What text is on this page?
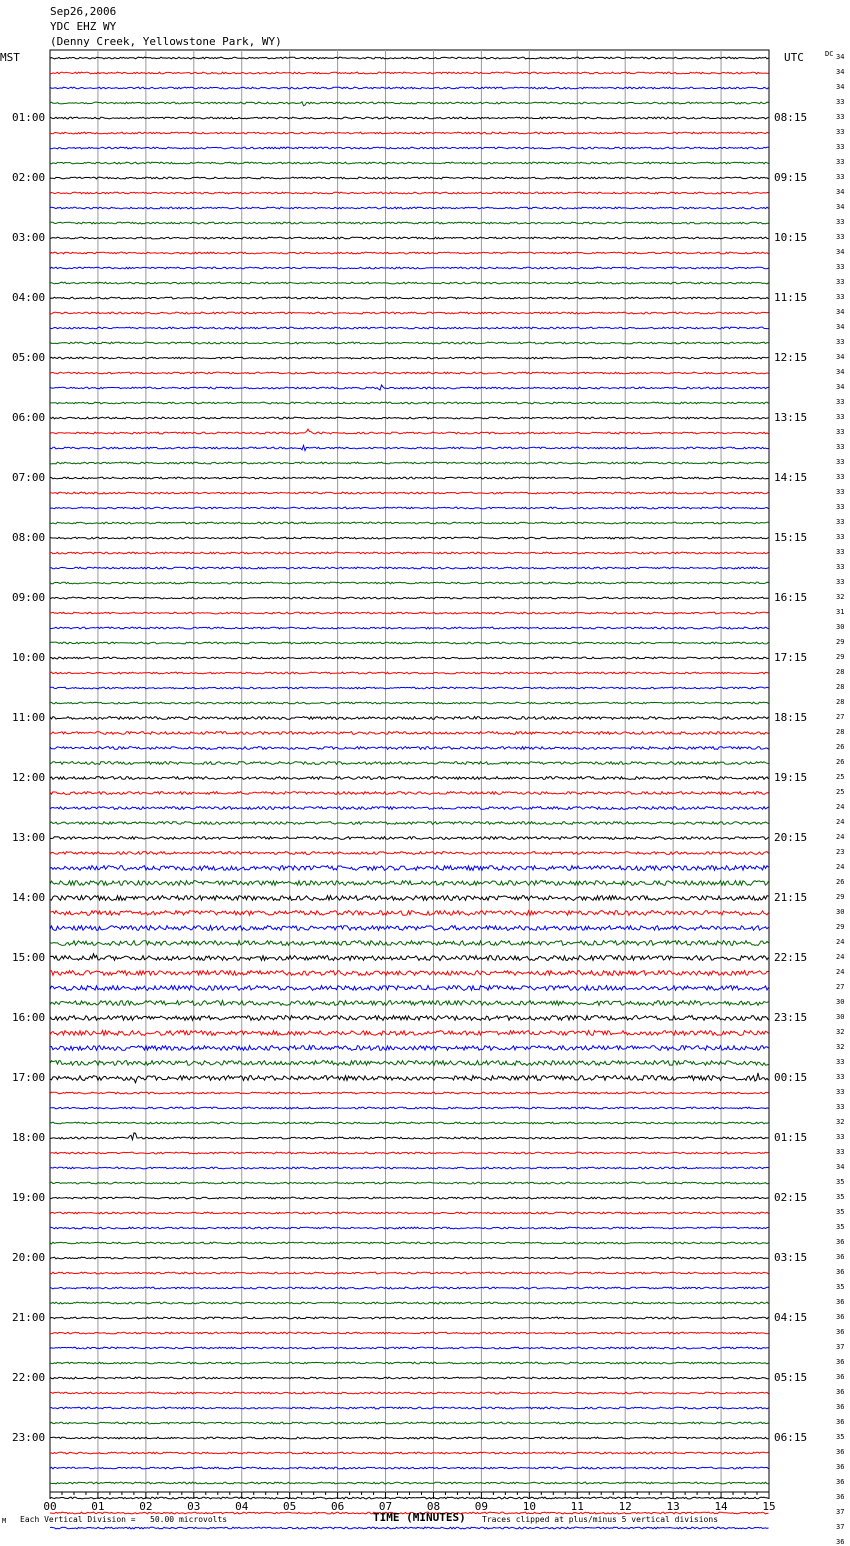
00	01	02	03	04	05	06	07	08	09	10	11	12	13	14	15
Sep26,2006
YDC EHZ WY
(Denny Creek, Yellowstone Park, WY)
MST	UTC	DC 34
34
34
33
33
33
33
33
33
34
34
33
33
34
33
33
33
34
34
33
34
34
34
33
33
33
33
33
33
33
33
33
33
33
33
33
32
31
30
29
29
28
28
28
27
28
26
26
25
25
24
24
24
23
24
26
29
30
29
24
24
24
27
30
30
32
32
33
33
33
33
32
33
33
34
35
35
35
35
36
36
36
35
36
36
36
37
36
36
36
36
36
35
36
36
36
36
37
37
36
01:00
02:00
03:00
04:00
05:00
06:00
07:00
08:00
09:00
10:00
11:00
12:00
13:00
14:00
15:00
16:00
17:00
18:00
19:00
20:00
21:00
22:00
23:00
08:15
09:15
10:15
11:15
12:15
13:15
14:15
15:15
16:15
17:15
18:15
19:15
20:15
21:15
22:15
23:15
00:15
01:15
02:15
03:15
04:15
05:15
06:15
M Each Vertical Division =   50.00 microvolts	TIME (MINUTES) Traces clipped at plus/minus 5 vertical divisions
